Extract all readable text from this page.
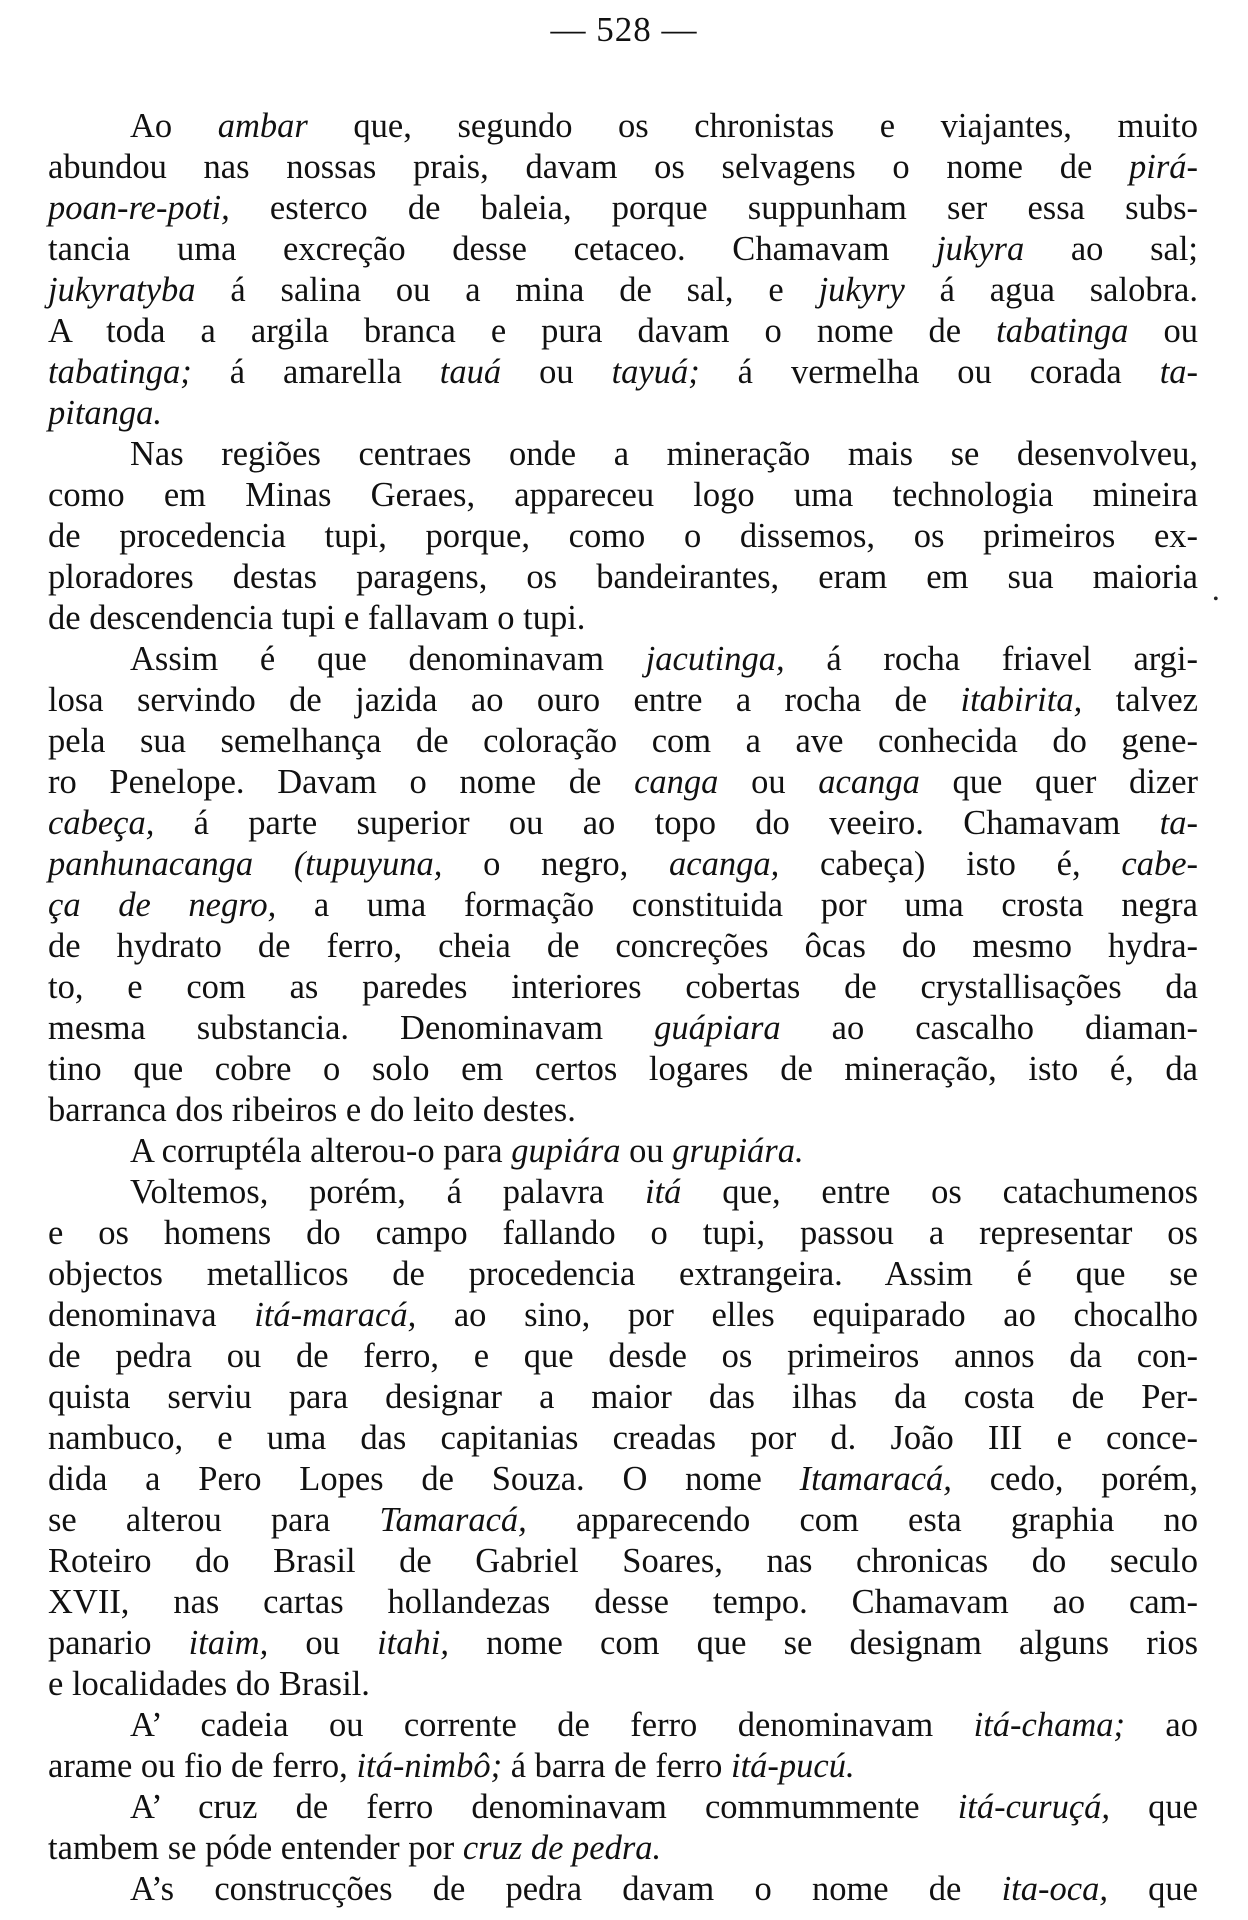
— 528 —
•
Ao ambar que, segundo os chronistas e viajantes, muito
abundou nas nossas prais, davam os selvagens o nome de pirá-
poan-re-poti, esterco de baleia, porque suppunham ser essa subs-
tancia uma excreção desse cetaceo. Chamavam jukyra ao sal;
jukyratyba á salina ou a mina de sal, e jukyry á agua salobra.
A toda a argila branca e pura davam o nome de tabatinga ou
tabatinga; á amarella tauá ou tayuá; á vermelha ou corada ta-
pitanga.
Nas regiões centraes onde a mineração mais se desenvolveu,
como em Minas Geraes, appareceu logo uma technologia mineira
de procedencia tupi, porque, como o dissemos, os primeiros ex-
ploradores destas paragens, os bandeirantes, eram em sua maioria
de descendencia tupi e fallavam o tupi.
Assim é que denominavam jacutinga, á rocha friavel argi-
losa servindo de jazida ao ouro entre a rocha de itabirita, talvez
pela sua semelhança de coloração com a ave conhecida do gene-
ro Penelope. Davam o nome de canga ou acanga que quer dizer
cabeça, á parte superior ou ao topo do veeiro. Chamavam ta-
panhunacanga (tupuyuna, o negro, acanga, cabeça) isto é, cabe-
ça de negro, a uma formação constituida por uma crosta negra
de hydrato de ferro, cheia de concreções ôcas do mesmo hydra-
to, e com as paredes interiores cobertas de crystallisações da
mesma substancia. Denominavam guápiara ao cascalho diaman-
tino que cobre o solo em certos logares de mineração, isto é, da
barranca dos ribeiros e do leito destes.
A corruptéla alterou-o para gupiára ou grupiára.
Voltemos, porém, á palavra itá que, entre os catachumenos
e os homens do campo fallando o tupi, passou a representar os
objectos metallicos de procedencia extrangeira. Assim é que se
denominava itá-maracá, ao sino, por elles equiparado ao chocalho
de pedra ou de ferro, e que desde os primeiros annos da con-
quista serviu para designar a maior das ilhas da costa de Per-
nambuco, e uma das capitanias creadas por d. João III e conce-
dida a Pero Lopes de Souza. O nome Itamaracá, cedo, porém,
se alterou para Tamaracá, apparecendo com esta graphia no
Roteiro do Brasil de Gabriel Soares, nas chronicas do seculo
XVII, nas cartas hollandezas desse tempo. Chamavam ao cam-
panario itaim, ou itahi, nome com que se designam alguns rios
e localidades do Brasil.
A’ cadeia ou corrente de ferro denominavam itá-chama; ao
arame ou fio de ferro, itá-nimbô; á barra de ferro itá-pucú.
A’ cruz de ferro denominavam commummente itá-curuçá, que
tambem se póde entender por cruz de pedra.
A’s construcções de pedra davam o nome de ita-oca, que
